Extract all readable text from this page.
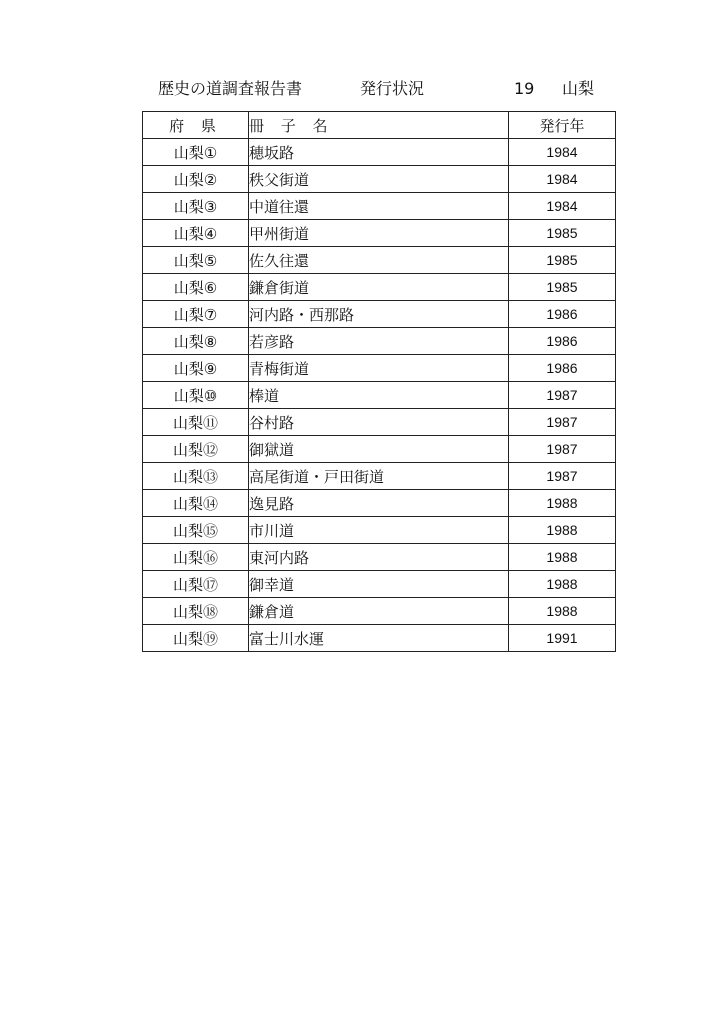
歴史の道調査報告書	発行状況	19 山梨
府 県	冊 子 名	発行年
山梨①	穂坂路	1984
山梨②	秩父街道	1984
山梨③	中道往還	1984
山梨④	甲州街道	1985
山梨⑤	佐久往還	1985
山梨⑥	鎌倉街道	1985
山梨⑦	河内路・西那路	1986
山梨⑧	若彦路	1986
山梨⑨	青梅街道	1986
山梨⑩	棒道	1987
山梨⑪	谷村路	1987
山梨⑫	御獄道	1987
山梨⑬	高尾街道・戸田街道	1987
山梨⑭	逸見路	1988
山梨⑮	市川道	1988
山梨⑯	東河内路	1988
山梨⑰	御幸道	1988
山梨⑱	鎌倉道	1988
山梨⑲	富士川水運	1991
